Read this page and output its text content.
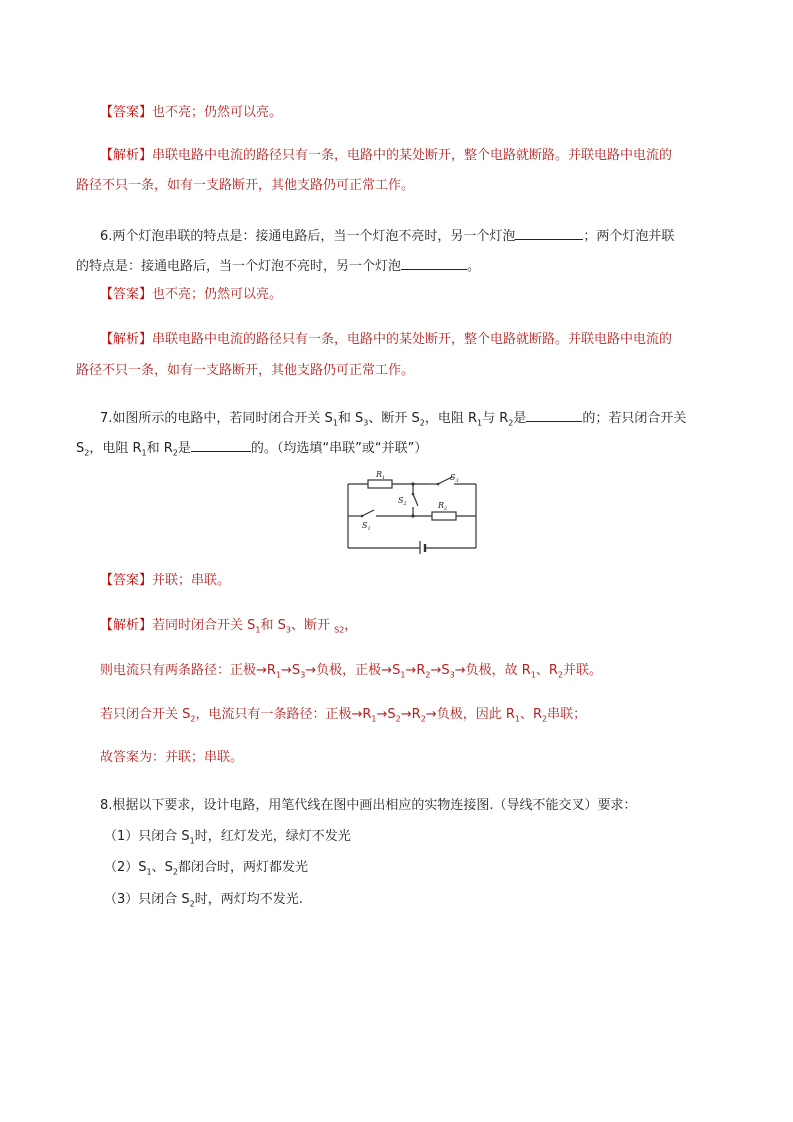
【答案】也不亮；仍然可以亮。
【解析】串联电路中电流的路径只有一条，电路中的某处断开，整个电路就断路。并联电路中电流的
路径不只一条，如有一支路断开，其他支路仍可正常工作。
6.两个灯泡串联的特点是：接通电路后，当一个灯泡不亮时，另一个灯泡	；两个灯泡并联
的特点是：接通电路后，当一个灯泡不亮时，另一个灯泡	。
【答案】也不亮；仍然可以亮。
【解析】串联电路中电流的路径只有一条，电路中的某处断开，整个电路就断路。并联电路中电流的
路径不只一条，如有一支路断开，其他支路仍可正常工作。
7.如图所示的电路中，若同时闭合开关 $S_1$和 $S_3$、断开 $S_2$，电阻 $R_1$与 $R_2$是	的；若只闭合开关
$S_2$，电阻 $R_1$和 $R_2$是	的。（均选填“串联”或“并联”）
$R_1$
$R_2$
$S_1$
$S_2$
$S_3$
【答案】并联；串联。
【解析】若同时闭合开关 $S_1$和 $S_3$、断开 $_{S2}$，
则电流只有两条路径：正极$\to R_1\to S_3\to$负极，正极$\to S_1\to R_2\to S_3\to$负极，故 $R_1$、$R_2$并联。
若只闭合开关 $S_2$，电流只有一条路径：正极$\to R_1\to S_2\to R_2\to$负极，因此 $R_1$、$R_2$串联；
故答案为：并联；串联。
8.根据以下要求，设计电路，用笔代线在图中画出相应的实物连接图.（导线不能交叉）要求：
（1）只闭合 $S_1$时，红灯发光，绿灯不发光
$(2)S_1$、$S_2$都闭合时，两灯都发光
（3）只闭合 $S_2$时，两灯均不发光.
